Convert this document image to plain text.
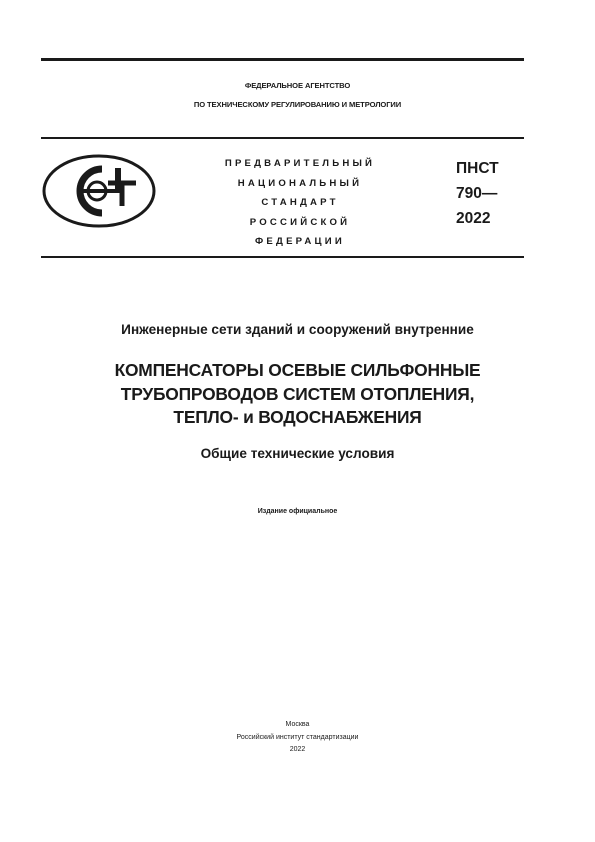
ФЕДЕРАЛЬНОЕ АГЕНТСТВО
ПО ТЕХНИЧЕСКОМУ РЕГУЛИРОВАНИЮ И МЕТРОЛОГИИ
ПРЕДВАРИТЕЛЬНЫЙ
НАЦИОНАЛЬНЫЙ
СТАНДАРТ
РОССИЙСКОЙ
ФЕДЕРАЦИИ
ПНСТ
790—
2022
Инженерные сети зданий и сооружений внутренние
КОМПЕНСАТОРЫ ОСЕВЫЕ СИЛЬФОННЫЕ
ТРУБОПРОВОДОВ СИСТЕМ ОТОПЛЕНИЯ,
ТЕПЛО- и ВОДОСНАБЖЕНИЯ
Общие технические условия
Издание официальное
Москва
Российский институт стандартизации
2022
